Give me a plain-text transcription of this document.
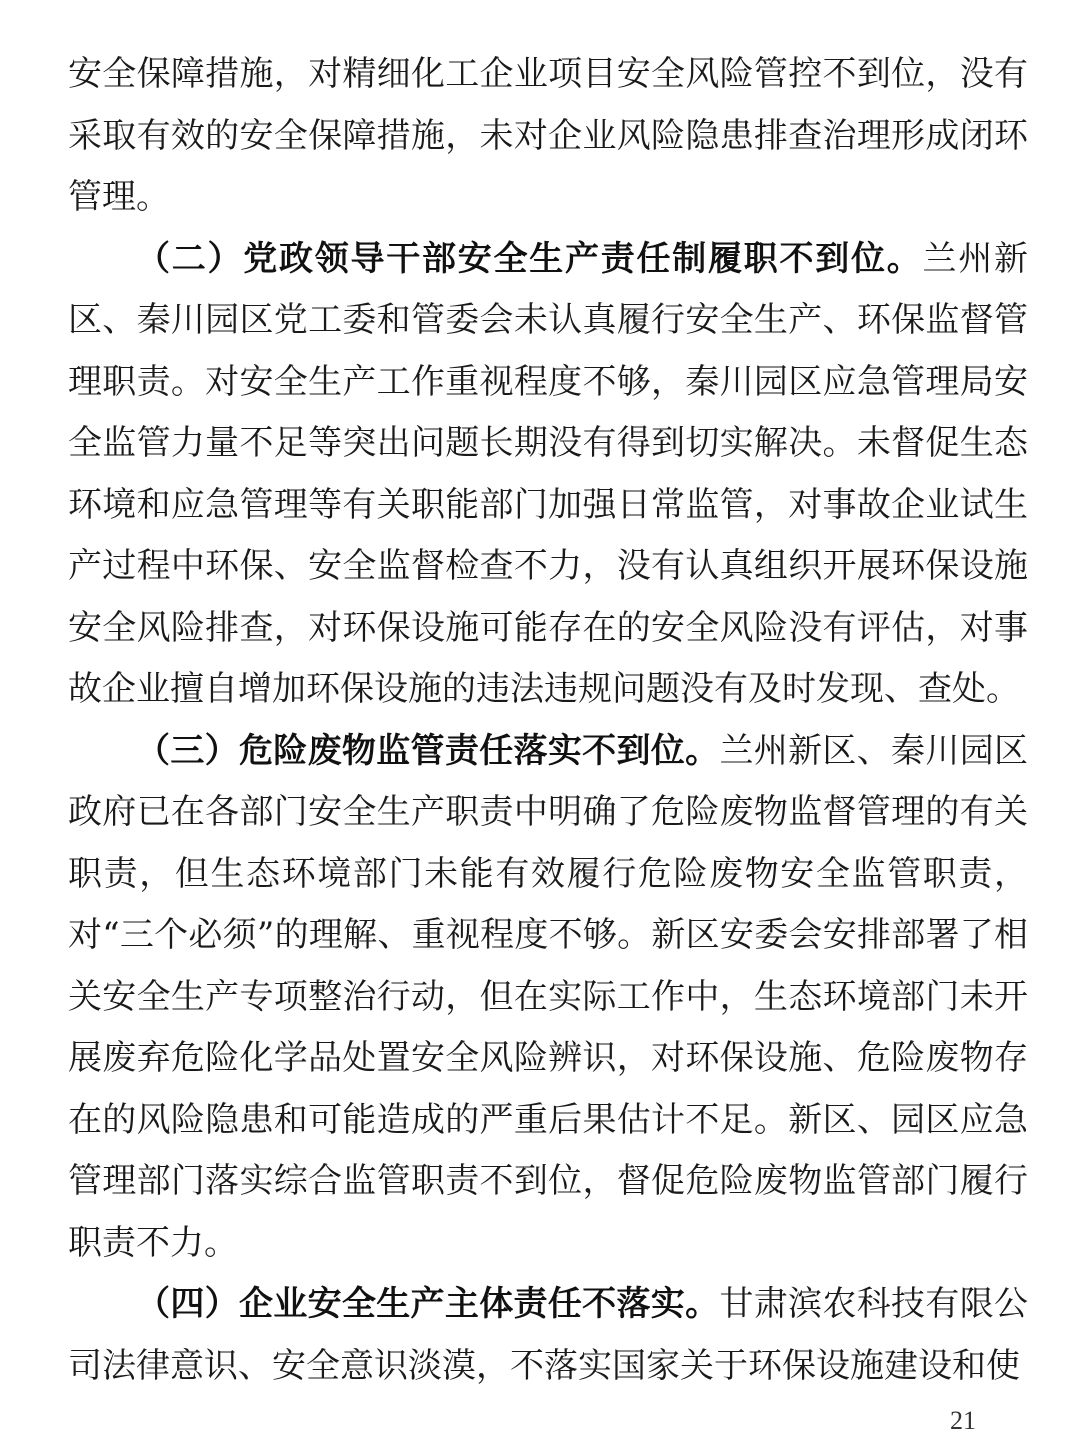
安全保障措施，对精细化工企业项目安全风险管控不到位，没有采取有效的安全保障措施，未对企业风险隐患排查治理形成闭环管理。

（二）党政领导干部安全生产责任制履职不到位。兰州新区、秦川园区党工委和管委会未认真履行安全生产、环保监督管理职责。对安全生产工作重视程度不够，秦川园区应急管理局安全监管力量不足等突出问题长期没有得到切实解决。未督促生态环境和应急管理等有关职能部门加强日常监管，对事故企业试生产过程中环保、安全监督检查不力，没有认真组织开展环保设施安全风险排查，对环保设施可能存在的安全风险没有评估，对事故企业擅自增加环保设施的违法违规问题没有及时发现、查处。

（三）危险废物监管责任落实不到位。兰州新区、秦川园区政府已在各部门安全生产职责中明确了危险废物监督管理的有关职责，但生态环境部门未能有效履行危险废物安全监管职责，对“三个必须”的理解、重视程度不够。新区安委会安排部署了相关安全生产专项整治行动，但在实际工作中，生态环境部门未开展废弃危险化学品处置安全风险辨识，对环保设施、危险废物存在的风险隐患和可能造成的严重后果估计不足。新区、园区应急管理部门落实综合监管职责不到位，督促危险废物监管部门履行职责不力。

（四）企业安全生产主体责任不落实。甘肃滨农科技有限公司法律意识、安全意识淡漠，不落实国家关于环保设施建设和使

21
